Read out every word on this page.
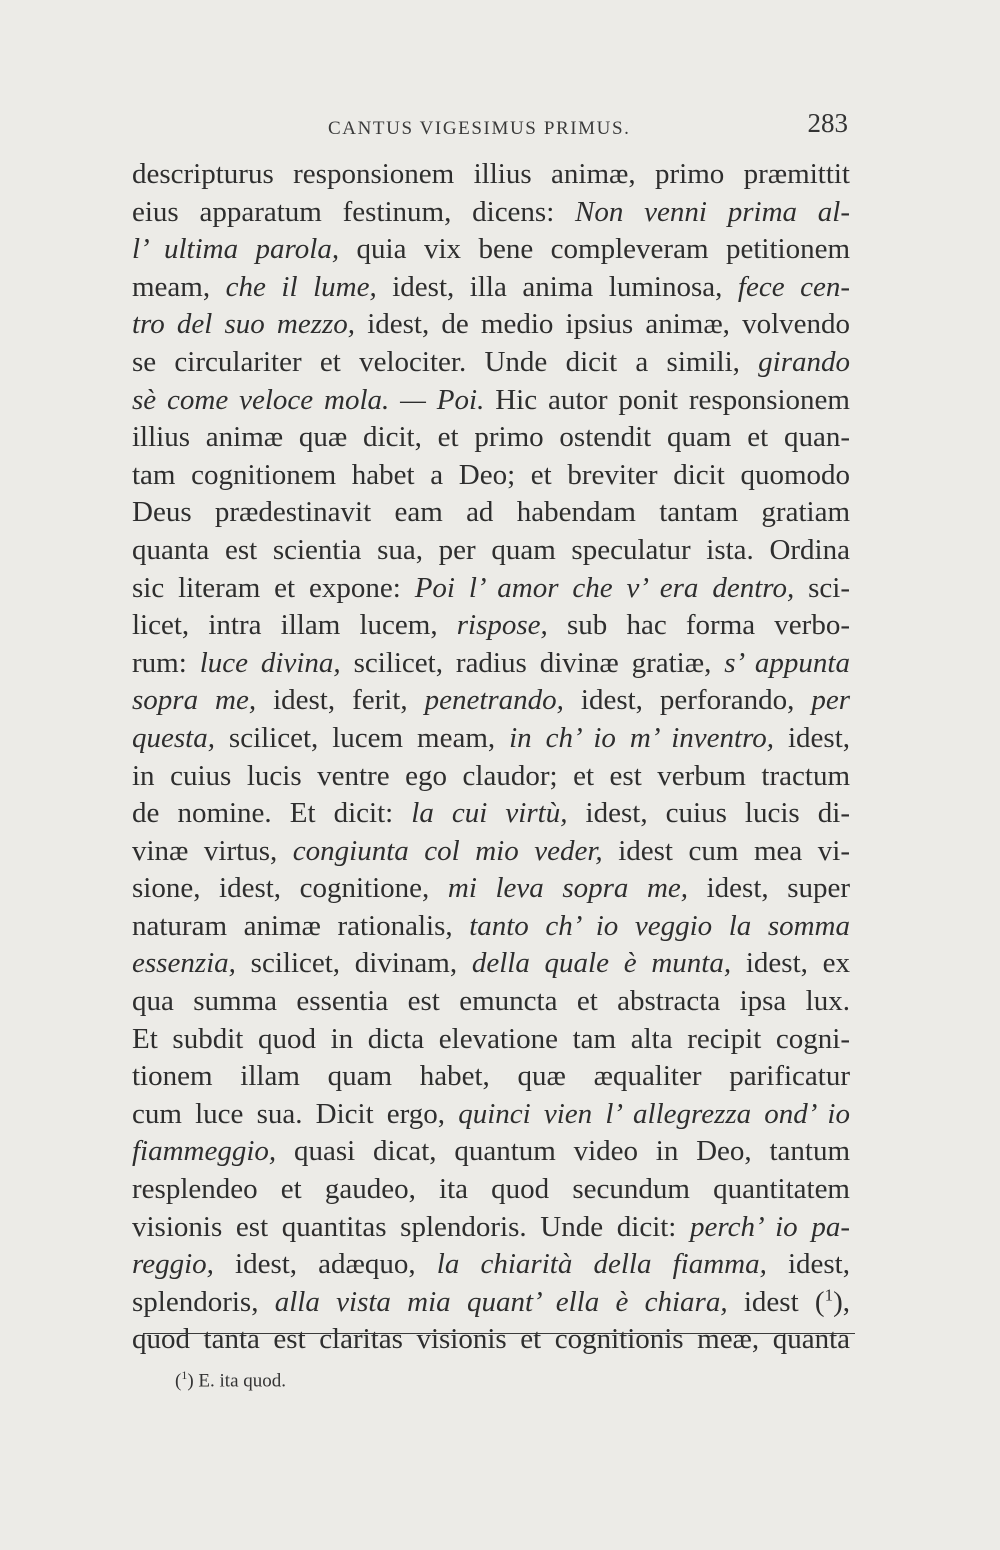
CANTUS VIGESIMUS PRIMUS.	283
descripturus responsionem illius animæ, primo præmittit
eius apparatum festinum, dicens: Non venni prima al-
l’ ultima parola, quia vix bene compleveram petitionem
meam, che il lume, idest, illa anima luminosa, fece cen-
tro del suo mezzo, idest, de medio ipsius animæ, volvendo
se circulariter et velociter. Unde dicit a simili, girando
sè come veloce mola. — Poi. Hic autor ponit responsionem
illius animæ quæ dicit, et primo ostendit quam et quan-
tam cognitionem habet a Deo; et breviter dicit quomodo
Deus prædestinavit eam ad habendam tantam gratiam
quanta est scientia sua, per quam speculatur ista. Ordina
sic literam et expone: Poi l’ amor che v’ era dentro, sci-
licet, intra illam lucem, rispose, sub hac forma verbo-
rum: luce divina, scilicet, radius divinæ gratiæ, s’ appunta
sopra me, idest, ferit, penetrando, idest, perforando, per
questa, scilicet, lucem meam, in ch’ io m’ inventro, idest,
in cuius lucis ventre ego claudor; et est verbum tractum
de nomine. Et dicit: la cui virtù, idest, cuius lucis di-
vinæ virtus, congiunta col mio veder, idest cum mea vi-
sione, idest, cognitione, mi leva sopra me, idest, super
naturam animæ rationalis, tanto ch’ io veggio la somma
essenzia, scilicet, divinam, della quale è munta, idest, ex
qua summa essentia est emuncta et abstracta ipsa lux.
Et subdit quod in dicta elevatione tam alta recipit cogni-
tionem illam quam habet, quæ æqualiter parificatur
cum luce sua. Dicit ergo, quinci vien l’ allegrezza ond’ io
fiammeggio, quasi dicat, quantum video in Deo, tantum
resplendeo et gaudeo, ita quod secundum quantitatem
visionis est quantitas splendoris. Unde dicit: perch’ io pa-
reggio, idest, adæquo, la chiarità della fiamma, idest,
splendoris, alla vista mia quant’ ella è chiara, idest ($^1$),
quod tanta est claritas visionis et cognitionis meæ, quanta
($^1$) E. ita quod.
